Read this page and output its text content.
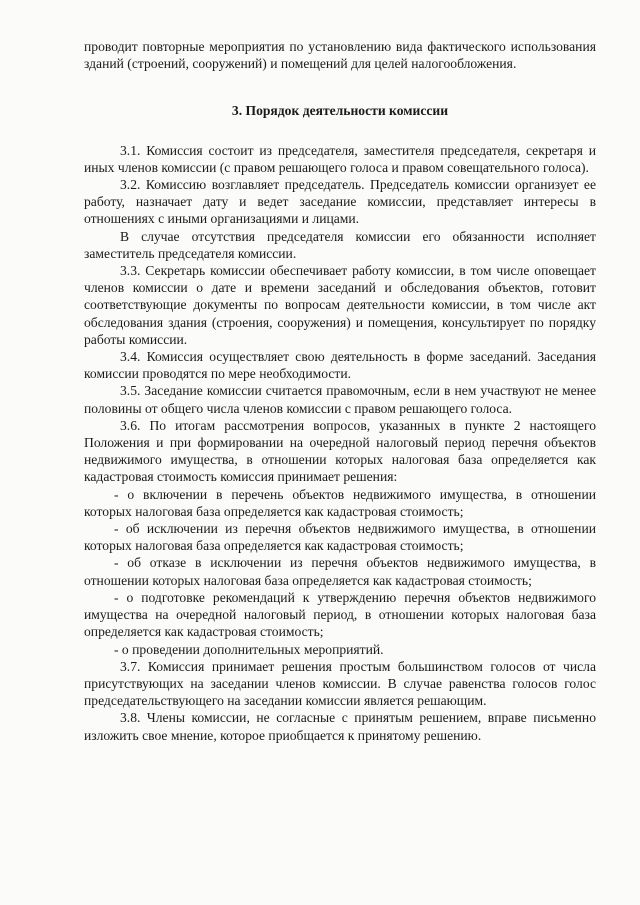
проводит повторные мероприятия по установлению вида фактического использования зданий (строений, сооружений) и помещений для целей налогообложения.

3. Порядок деятельности комиссии

3.1. Комиссия состоит из председателя, заместителя председателя, секретаря и иных членов комиссии (с правом решающего голоса и правом совещательного голоса).

3.2. Комиссию возглавляет председатель. Председатель комиссии организует ее работу, назначает дату и ведет заседание комиссии, представляет интересы в отношениях с иными организациями и лицами.

В случае отсутствия председателя комиссии его обязанности исполняет заместитель председателя комиссии.

3.3. Секретарь комиссии обеспечивает работу комиссии, в том числе оповещает членов комиссии о дате и времени заседаний и обследования объектов, готовит соответствующие документы по вопросам деятельности комиссии, в том числе акт обследования здания (строения, сооружения) и помещения, консультирует по порядку работы комиссии.

3.4. Комиссия осуществляет свою деятельность в форме заседаний. Заседания комиссии проводятся по мере необходимости.

3.5. Заседание комиссии считается правомочным, если в нем участвуют не менее половины от общего числа членов комиссии с правом решающего голоса.

3.6. По итогам рассмотрения вопросов, указанных в пункте 2 настоящего Положения и при формировании на очередной налоговый период перечня объектов недвижимого имущества, в отношении которых налоговая база определяется как кадастровая стоимость комиссия принимает решения:

- о включении в перечень объектов недвижимого имущества, в отношении которых налоговая база определяется как кадастровая стоимость;

- об исключении из перечня объектов недвижимого имущества, в отношении которых налоговая база определяется как кадастровая стоимость;

- об отказе в исключении из перечня объектов недвижимого имущества, в отношении которых налоговая база определяется как кадастровая стоимость;

- о подготовке рекомендаций к утверждению перечня объектов недвижимого имущества на очередной налоговый период, в отношении которых налоговая база определяется как кадастровая стоимость;

- о проведении дополнительных мероприятий.

3.7. Комиссия принимает решения простым большинством голосов от числа присутствующих на заседании членов комиссии. В случае равенства голосов голос председательствующего на заседании комиссии является решающим.

3.8. Члены комиссии, не согласные с принятым решением, вправе письменно изложить свое мнение, которое приобщается к принятому решению.
